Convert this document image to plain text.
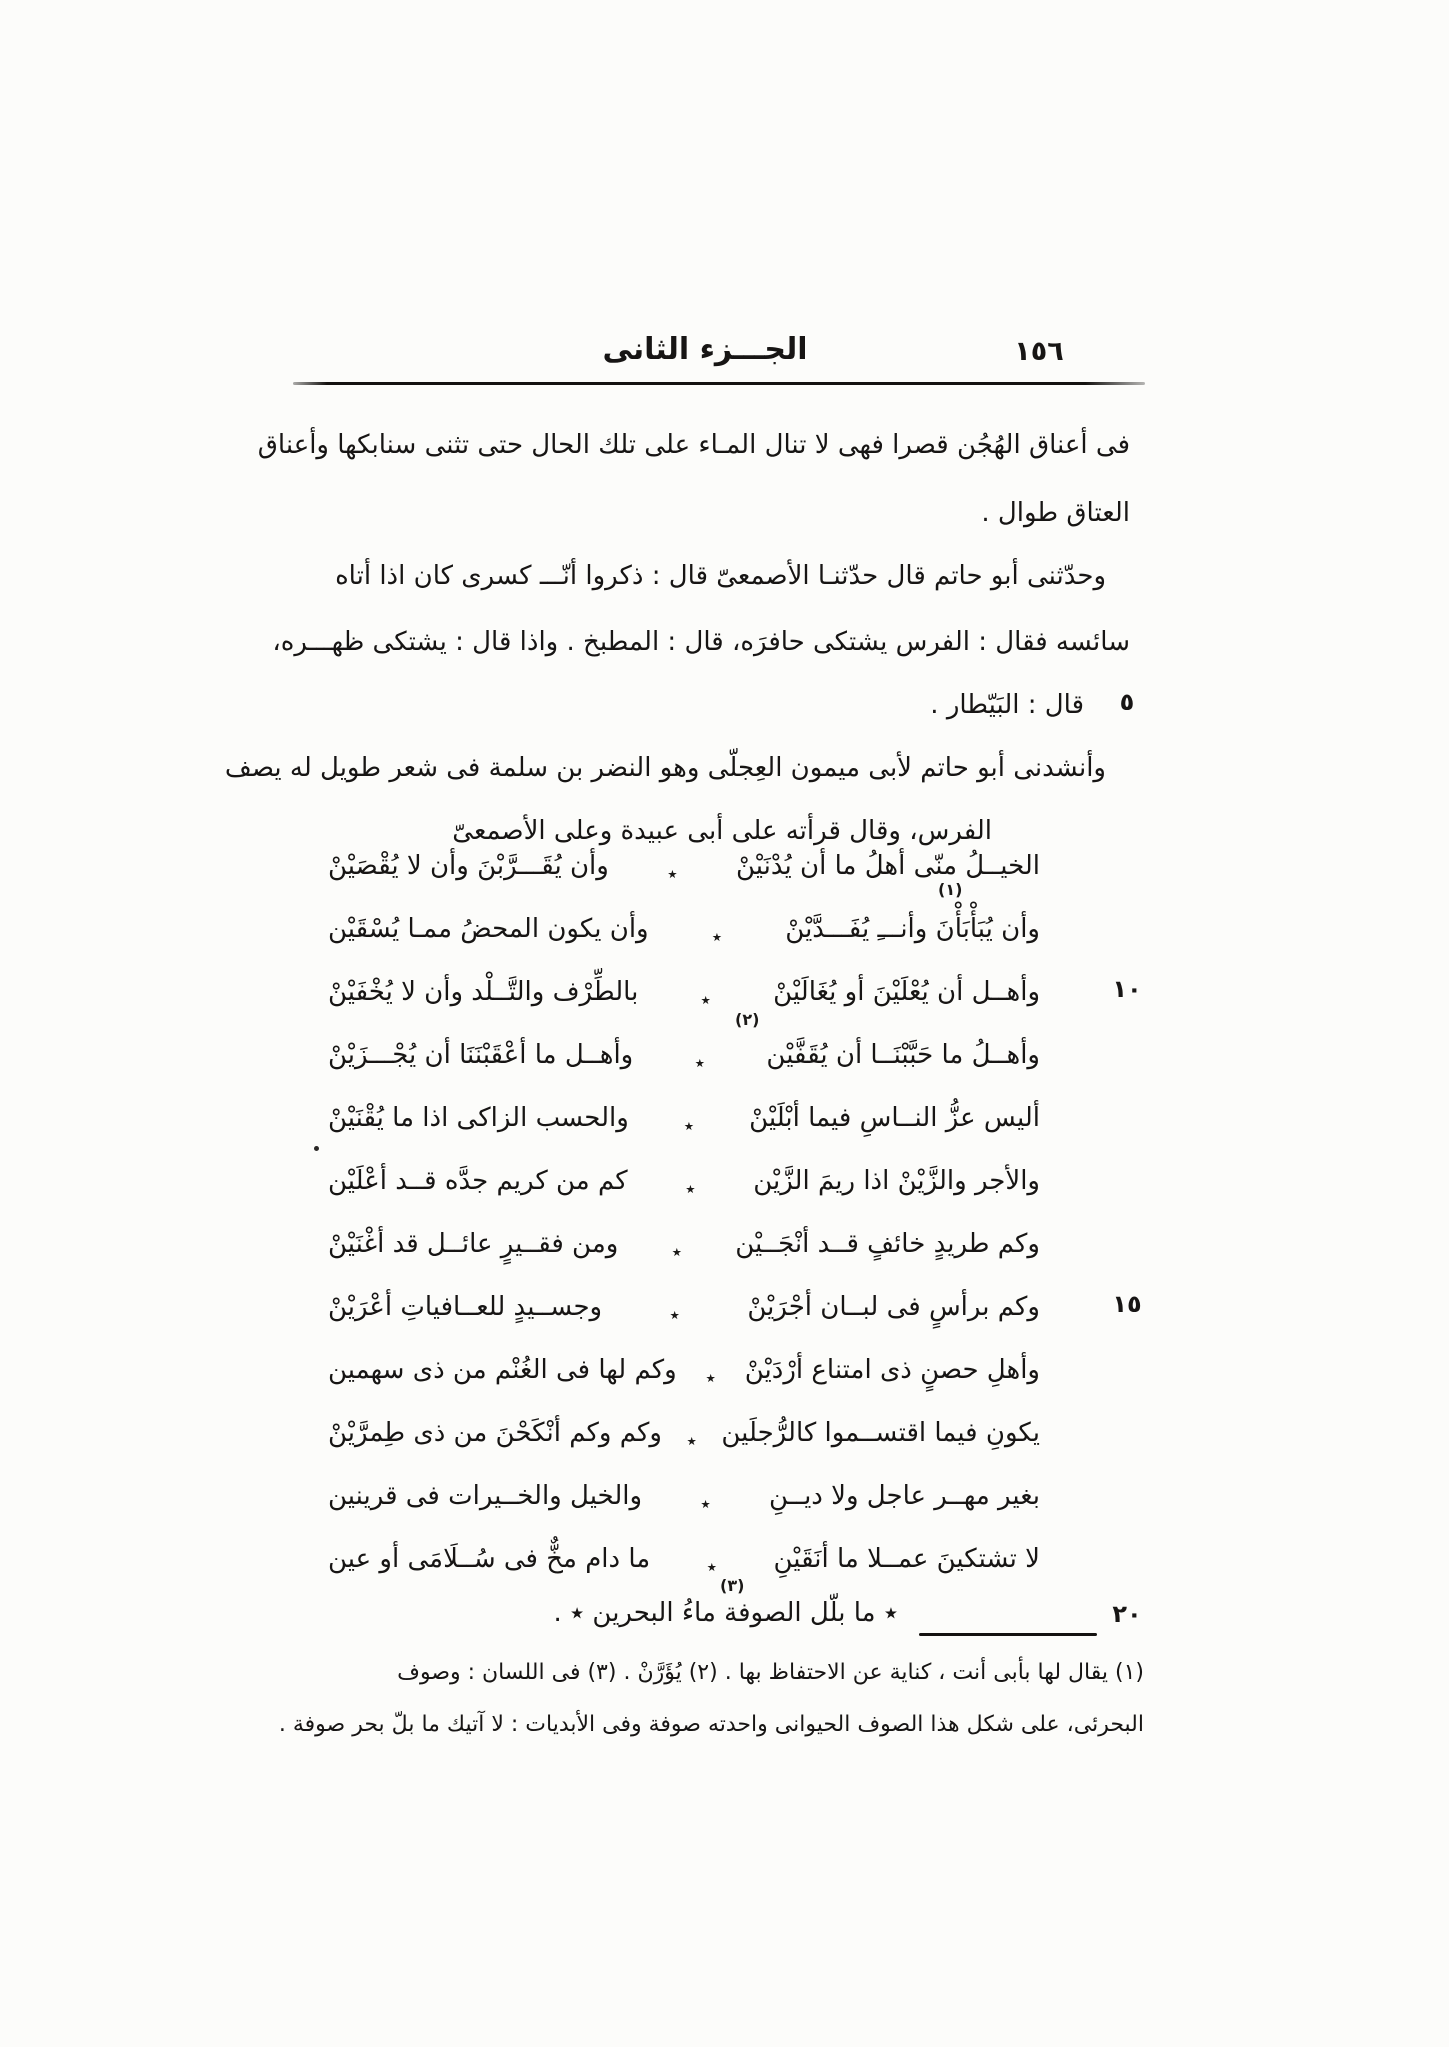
الجـــزء الثانى	١٥٦
فى أعناق الهُجُن قصرا فهى لا تنال المـاء على تلك الحال حتى تثنى سنابكها وأعناق
العتاق طوال .
وحدّثنى أبو حاتم قال حدّثنـا الأصمعىّ قال : ذكروا أنّـــ كسرى كان اذا أتاه
سائسه فقال : الفرس يشتكى حافرَه، قال : المطبخ . واذا قال : يشتكى ظهـــره،
قال : البَيّطار .
وأنشدنى أبو حاتم لأبى ميمون العِجلّى وهو النضر بن سلمة فى شعر طويل له يصف
الفرس، وقال قرأته على أبى عبيدة وعلى الأصمعىّ
الخيــلُ منّى أهلُ ما أن يُدْنَيْنْ
٭
وأن يُقَـــرَّبْنَ وأن لا يُقْصَيْنْ
وأن يُبَأْبَأْنَ وأنـــِ يُفَـــدَّيْنْ
٭
وأن يكون المحضُ ممـا يُسْقَيْن
وأهــل أن يُعْلَيْنَ أو يُغَالَيْنْ
٭
بالطِّرْف والتَّــلْد وأن لا يُخْفَيْنْ
وأهــلُ ما حَبَّبْنَــا أن يُقَفَّيْن
٭
وأهــل ما أعْقَبْنَنَا أن يُجْـــزَيْنْ
أليس عزُّ النــاسِ فيما أبْلَيْنْ
٭
والحسب الزاكى اذا ما يُقْنَيْنْ
والأجر والزَّيْنْ اذا ريمَ الزَّيْن
٭
كم من كريم جدَّه قــد أعْلَيْن
وكم طريدٍ خائفٍ قــد أنْجَــيْن
٭
ومن فقــيرٍ عائــل قد أغْنَيْنْ
وكم برأسٍ فى لبــان أجْرَيْنْ
٭
وجســيدٍ للعــافياتِ أعْرَيْنْ
وأهلِ حصنٍ ذى امتناع أرْدَيْنْ
٭
وكم لها فى الغُنْم من ذى سهمين
يكونِ فيما اقتســموا كالرُّجلَين
٭
وكم وكم أنْكَحْنَ من ذى طِمرَّيْنْ
بغير مهــر عاجل ولا ديــنِ
٭
والخيل والخــيرات فى قرينين
لا تشتكينَ عمــلا ما أنَقَيْنِ
٭
ما دام مخٌّ فى سُــلَامَى أو عين
٭ ما بلّل الصوفة ماءُ البحرين ٭ .
(١)
(٢)
(٣)
٥
١٠
١٥
٢٠
(١) يقال لها بأبى أنت ، كناية عن الاحتفاظ بها . (٢) يُؤَرَّنْ . (٣) فى اللسان : وصوف
البحرئى، على شكل هذا الصوف الحيوانى واحدته صوفة وفى الأبديات : لا آتيك ما بلّ بحر صوفة .
